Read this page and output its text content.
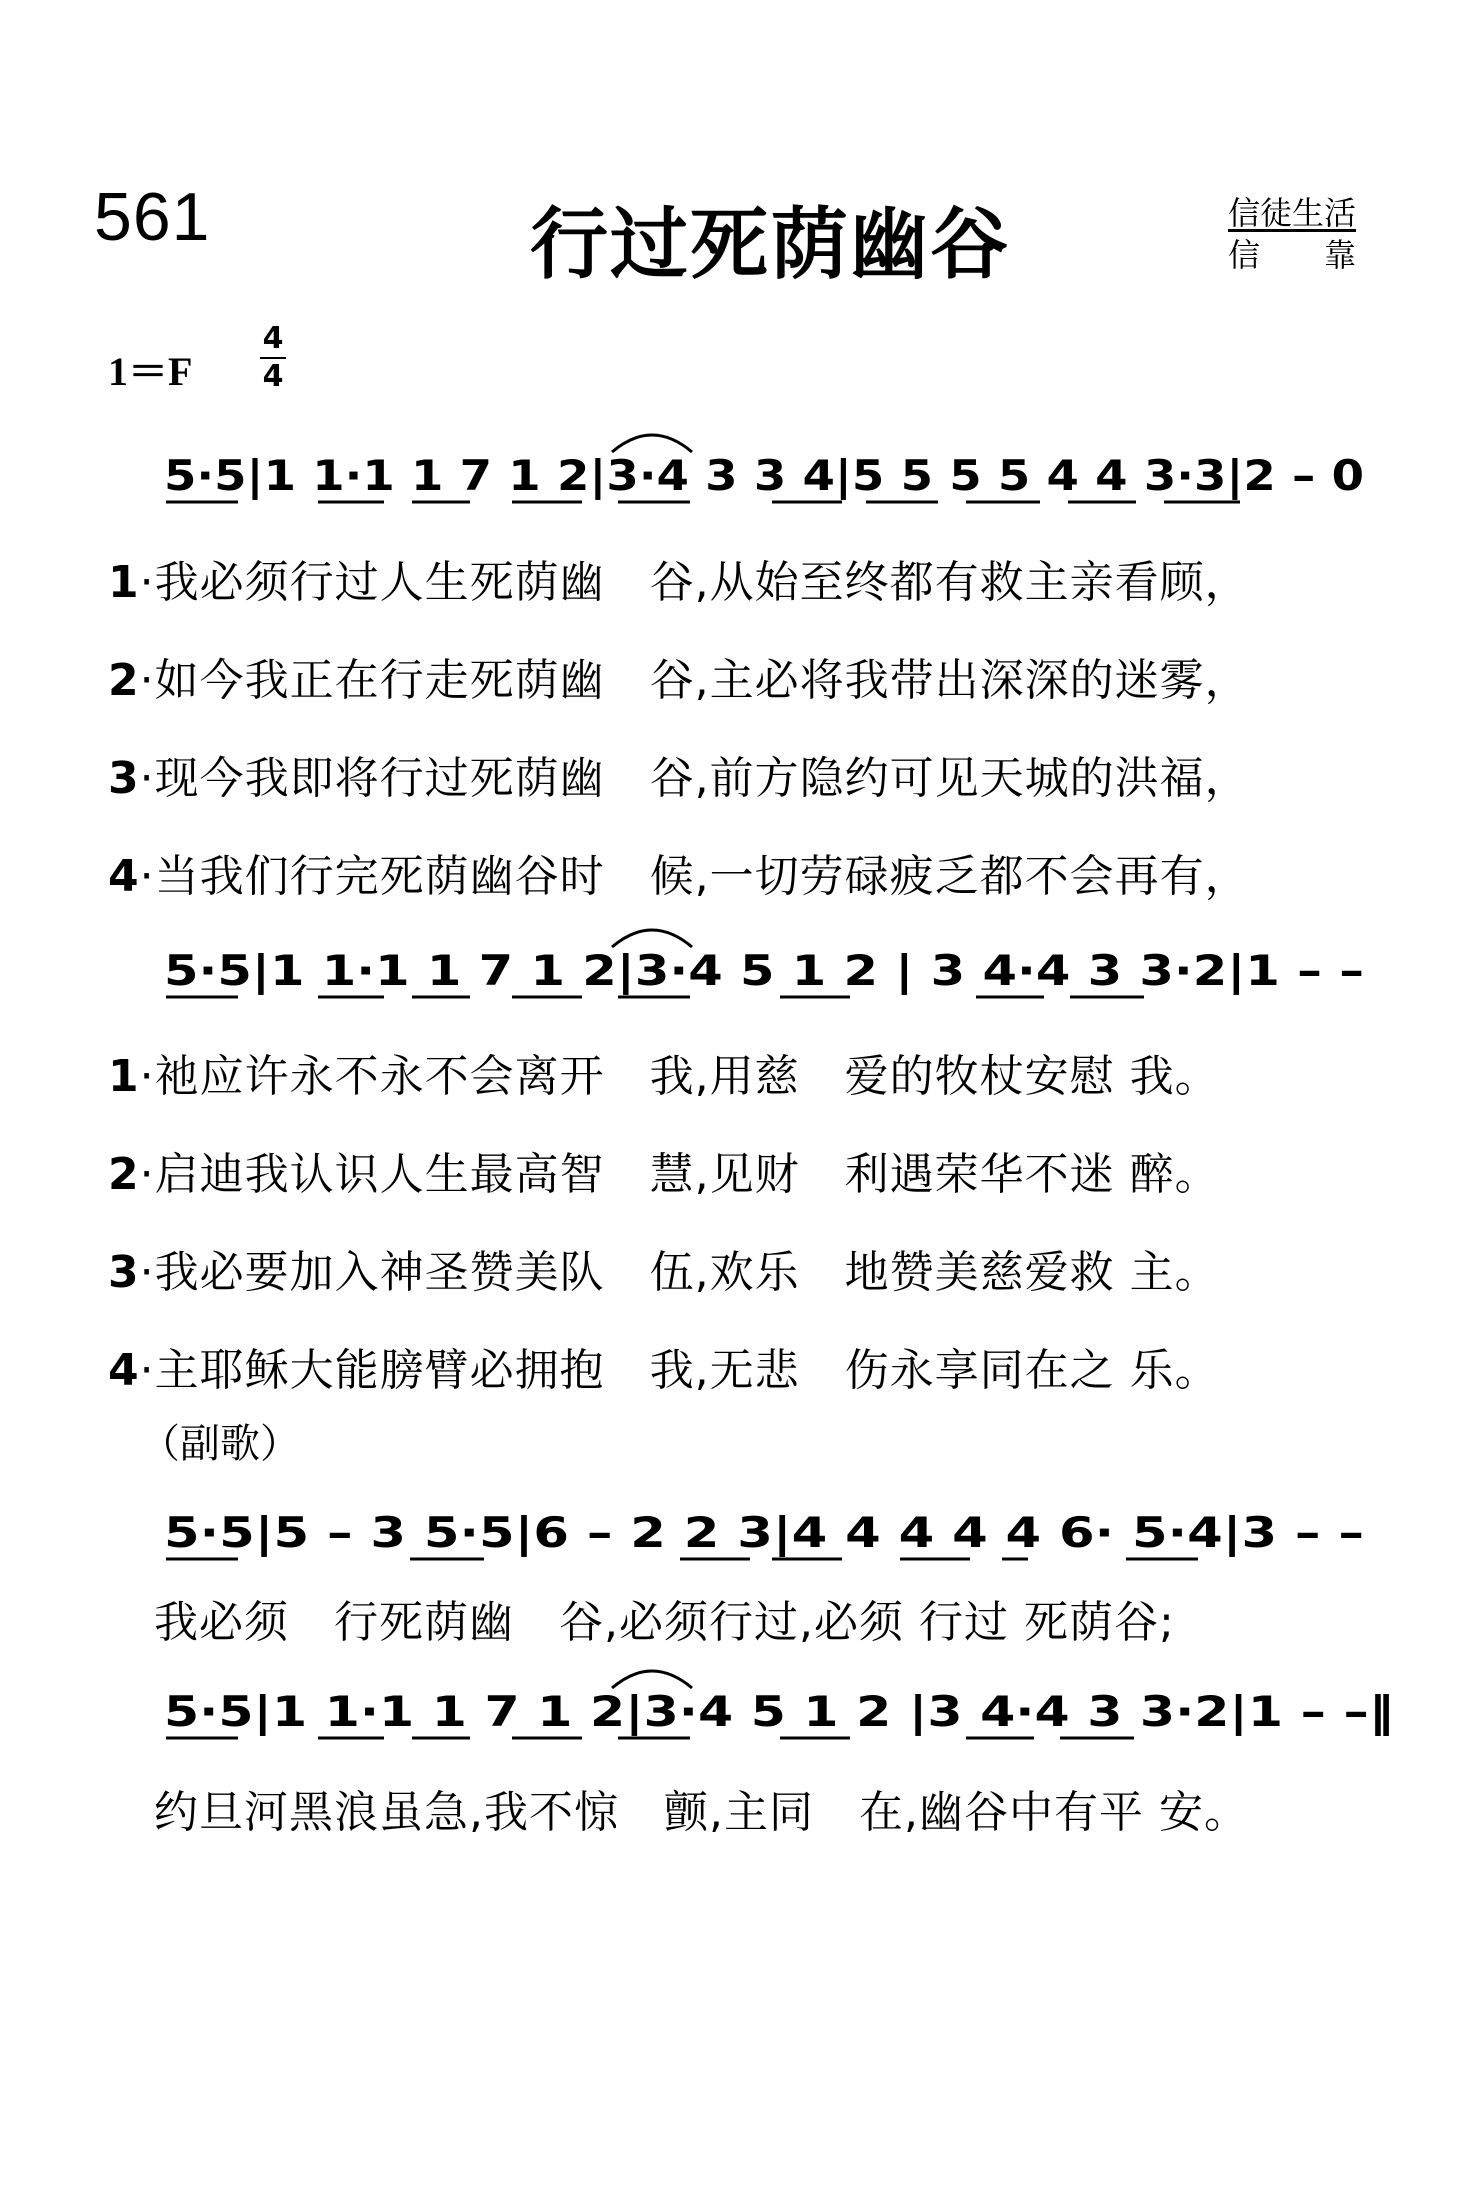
561	行过死荫幽谷	信徒生活
信 靠
1＝F
4
4
5·5|1 1·1 1 7 1 2|3·4 3 3 4|5 5 5 5 4 4 3·3|2 – 0
5·5|1 1·1 1 7 1 2|3·4 5 1 2 | 3 4·4 3 3·2|1 – –
5·5|5 – 3 5·5|6 – 2 2 3|4 4 4 4 4 6· 5·4|3 – –
5·5|1 1·1 1 7 1 2|3·4 5 1 2 |3 4·4 3 3·2|1 – –‖
1·我必须行过人生死荫幽　谷,从始至终都有救主亲看顾，
2·如今我正在行走死荫幽　谷,主必将我带出深深的迷雾，
3·现今我即将行过死荫幽　谷,前方隐约可见天城的洪福，
4·当我们行完死荫幽谷时　候,一切劳碌疲乏都不会再有，
1·祂应许永不永不会离开　我,用慈　爱的牧杖安慰 我。
2·启迪我认识人生最高智　慧,见财　利遇荣华不迷 醉。
3·我必要加入神圣赞美队　伍,欢乐　地赞美慈爱救 主。
4·主耶稣大能膀臂必拥抱　我,无悲　伤永享同在之 乐。
（副歌）
我必须　行死荫幽　谷,必须行过,必须 行过 死荫谷;
约旦河黑浪虽急,我不惊　颤,主同　在,幽谷中有平 安。
